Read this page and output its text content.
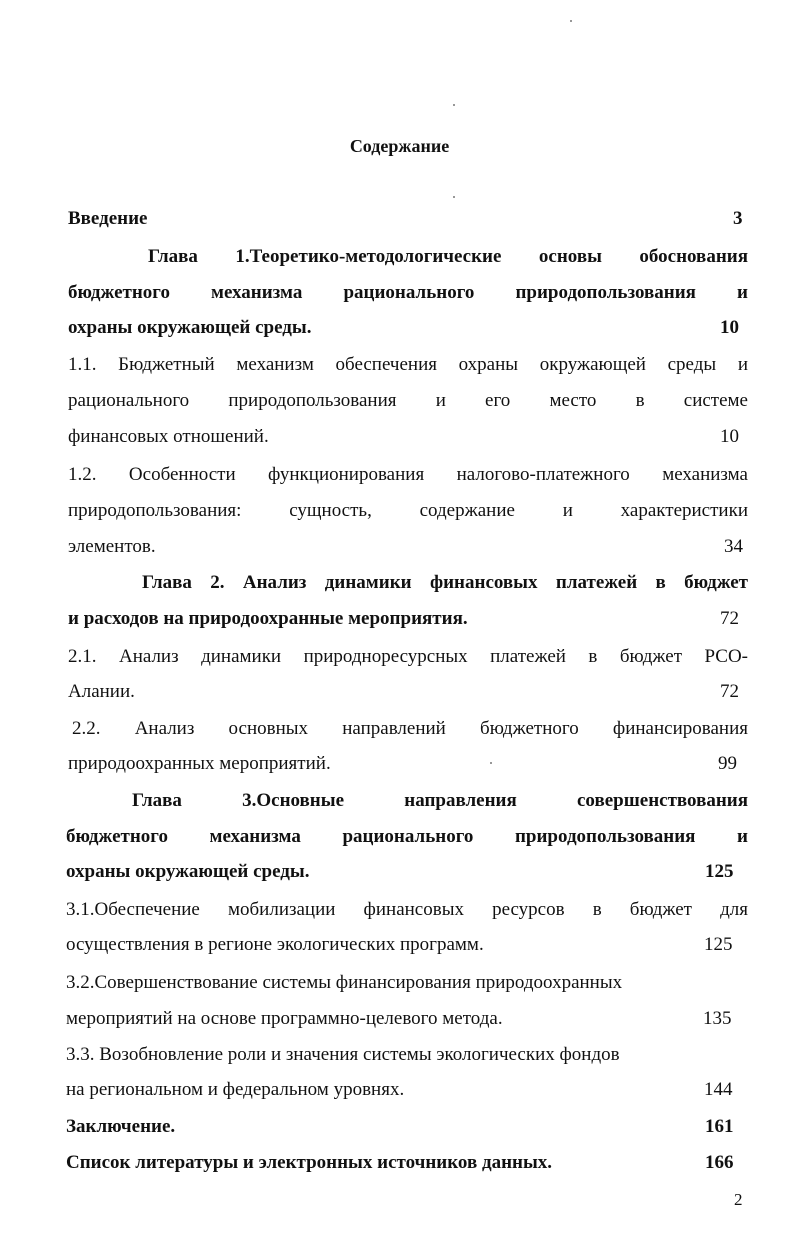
Содержание
Введение	3
Глава 1.Теоретико-методологические основы обоснования
бюджетного механизма рационального природопользования и
охраны окружающей среды.	10
1.1. Бюджетный механизм обеспечения охраны окружающей среды и
рационального природопользования и его место в системе
финансовых отношений.	10
1.2. Особенности функционирования налогово-платежного механизма
природопользования: сущность, содержание и характеристики
элементов.	34
Глава 2. Анализ динамики финансовых платежей в бюджет
и расходов на природоохранные мероприятия.	72
2.1. Анализ динамики природноресурсных платежей в бюджет РСО-
Алании.	72
2.2. Анализ основных направлений бюджетного финансирования
природоохранных мероприятий.	99
Глава 3.Основные направления совершенствования
бюджетного механизма рационального природопользования и
охраны окружающей среды.	125
3.1.Обеспечение мобилизации финансовых ресурсов в бюджет для
осуществления в регионе экологических программ.	125
3.2.Совершенствование системы финансирования природоохранных
мероприятий на основе программно-целевого метода.	135
3.3. Возобновление роли и значения системы экологических фондов
на региональном и федеральном уровнях.	144
Заключение.	161
Список литературы и электронных источников данных.	166
2
